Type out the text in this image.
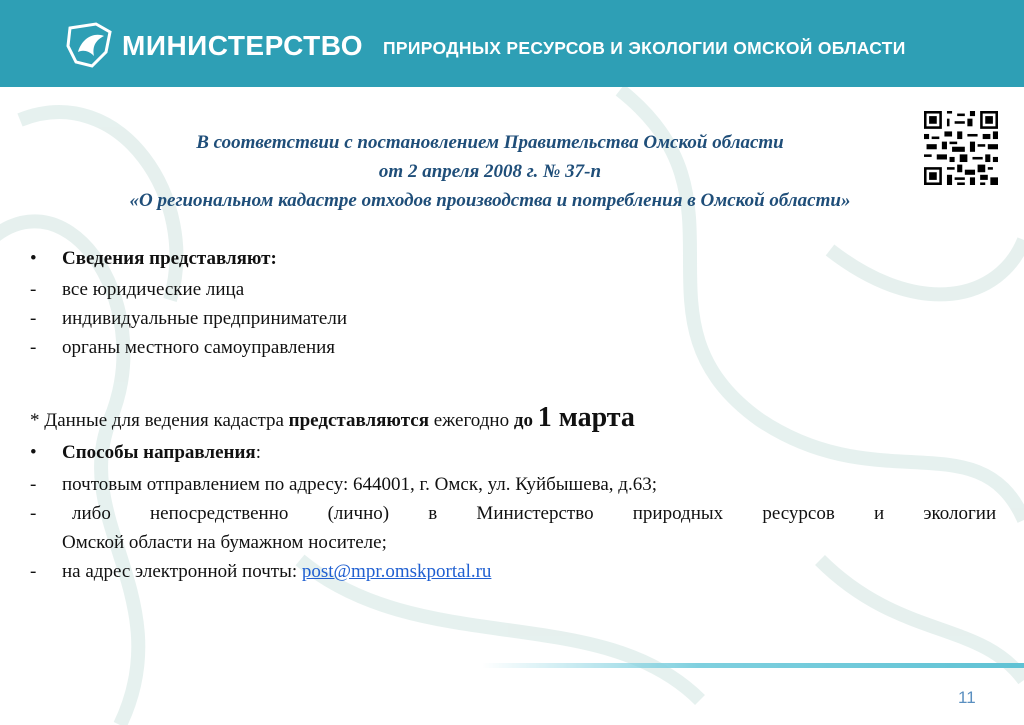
МИНИСТЕРСТВО ПРИРОДНЫХ РЕСУРСОВ И ЭКОЛОГИИ ОМСКОЙ ОБЛАСТИ
В соответствии с постановлением Правительства Омской области
от 2 апреля 2008 г. № 37-п
«О региональном кадастре отходов производства и потребления в Омской области»
• Сведения представляют:
- все юридические лица
- индивидуальные предприниматели
- органы местного самоуправления
* Данные для ведения кадастра представляются ежегодно до 1 марта
• Способы направления:
- почтовым отправлением по адресу: 644001, г. Омск, ул. Куйбышева, д.63;
- либо непосредственно (лично) в Министерство природных ресурсов и экологии
Омской области на бумажном носителе;
- на адрес электронной почты: post@mpr.omskportal.ru
11
